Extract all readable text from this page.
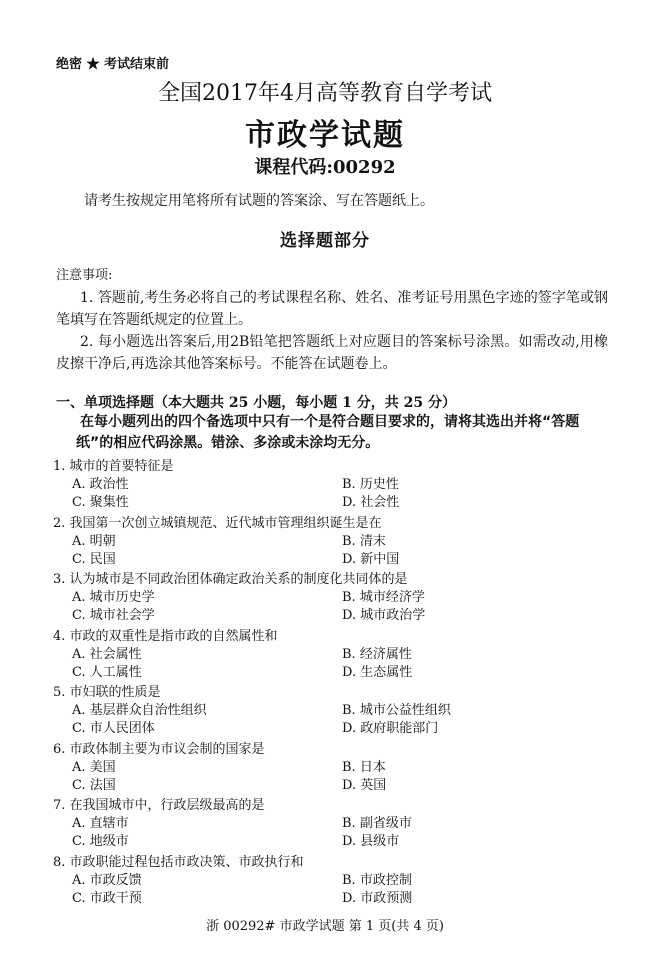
绝密 ★ 考试结束前
全国2017年4月高等教育自学考试
市政学试题
课程代码:00292
请考生按规定用笔将所有试题的答案涂、写在答题纸上。
选择题部分
注意事项:
1. 答题前,考生务必将自己的考试课程名称、姓名、准考证号用黑色字迹的签字笔或钢笔填写在答题纸规定的位置上。
2. 每小题选出答案后,用2B铅笔把答题纸上对应题目的答案标号涂黑。如需改动,用橡皮擦干净后,再选涂其他答案标号。不能答在试题卷上。
一、单项选择题（本大题共 25 小题，每小题 1 分，共 25 分）
在每小题列出的四个备选项中只有一个是符合题目要求的，请将其选出并将“答题纸”的相应代码涂黑。错涂、多涂或未涂均无分。
1. 城市的首要特征是
A. 政治性	B. 历史性
C. 聚集性	D. 社会性
2. 我国第一次创立城镇规范、近代城市管理组织诞生是在
A. 明朝	B. 清末
C. 民国	D. 新中国
3. 认为城市是不同政治团体确定政治关系的制度化共同体的是
A. 城市历史学	B. 城市经济学
C. 城市社会学	D. 城市政治学
4. 市政的双重性是指市政的自然属性和
A. 社会属性	B. 经济属性
C. 人工属性	D. 生态属性
5. 市妇联的性质是
A. 基层群众自治性组织	B. 城市公益性组织
C. 市人民团体	D. 政府职能部门
6. 市政体制主要为市议会制的国家是
A. 美国	B. 日本
C. 法国	D. 英国
7. 在我国城市中，行政层级最高的是
A. 直辖市	B. 副省级市
C. 地级市	D. 县级市
8. 市政职能过程包括市政决策、市政执行和
A. 市政反馈	B. 市政控制
C. 市政干预	D. 市政预测
浙 00292# 市政学试题 第 1 页(共 4 页)
